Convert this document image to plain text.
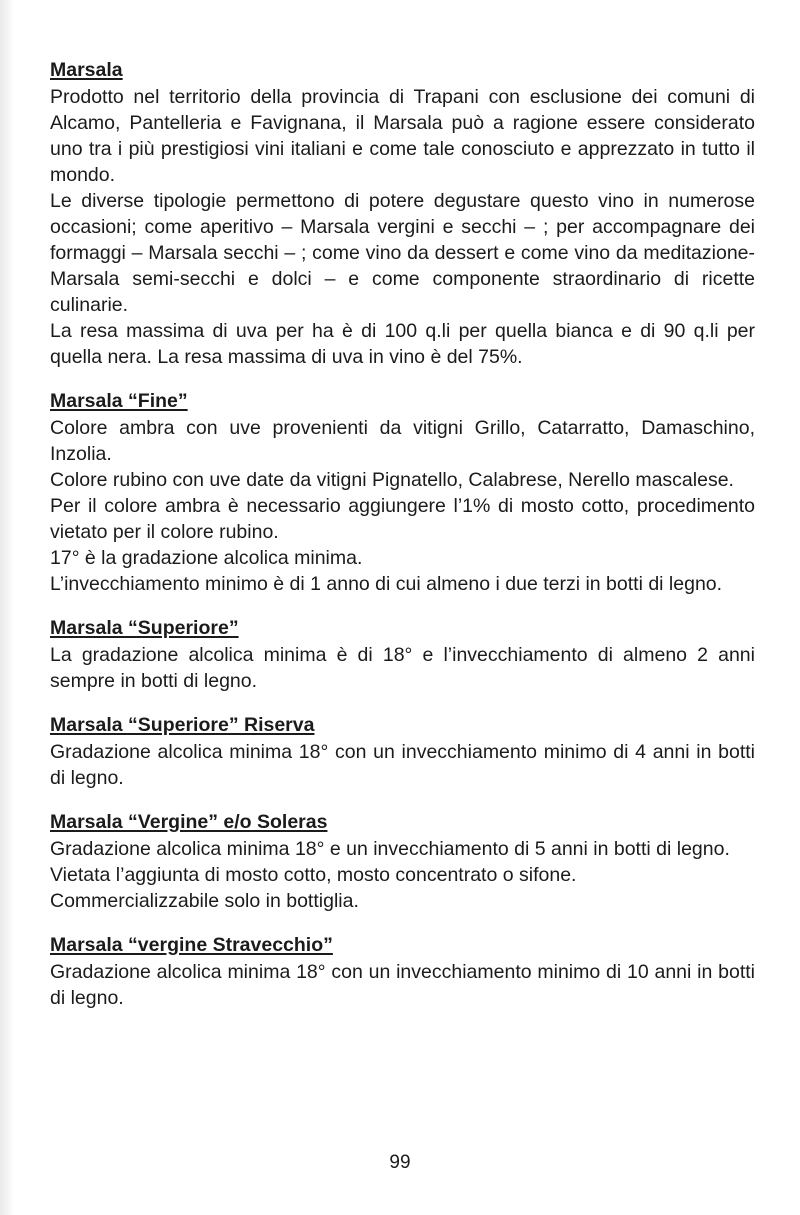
Marsala

Prodotto nel territorio della provincia di Trapani con esclusione dei comuni di Alcamo, Pantelleria e Favignana, il Marsala può a ragione essere considerato uno tra i più prestigiosi vini italiani e come tale conosciuto e apprezzato in tutto il mondo.

Le diverse tipologie permettono di potere degustare questo vino in numerose occasioni; come aperitivo – Marsala vergini e secchi – ; per accompagnare dei formaggi – Marsala secchi – ; come vino da dessert e come vino da meditazione- Marsala semi-secchi e dolci – e come componente straordinario di ricette culinarie.

La resa massima di uva per ha è di 100 q.li per quella bianca e di 90 q.li per quella nera. La resa massima di uva in vino è del 75%.

Marsala “Fine”

Colore ambra con uve provenienti da vitigni Grillo, Catarratto, Damaschino, Inzolia.

Colore rubino con uve date da vitigni Pignatello, Calabrese, Nerello mascalese.

Per il colore ambra è necessario aggiungere l’1% di mosto cotto, procedimento vietato per il colore rubino.

17° è la gradazione alcolica minima.

L’invecchiamento minimo è di 1 anno di cui almeno i due terzi in botti di legno.

Marsala “Superiore”

La gradazione alcolica minima è di 18° e l’invecchiamento di almeno 2 anni sempre in botti di legno.

Marsala “Superiore” Riserva

Gradazione alcolica minima 18° con un invecchiamento minimo di 4 anni in botti di legno.

Marsala “Vergine” e/o Soleras

Gradazione alcolica minima 18° e un invecchiamento di 5 anni in botti di legno.

Vietata l’aggiunta di mosto cotto, mosto concentrato o sifone.

Commercializzabile solo in bottiglia.

Marsala “vergine Stravecchio”

Gradazione alcolica minima 18° con un invecchiamento minimo di 10 anni in botti di legno.

99
